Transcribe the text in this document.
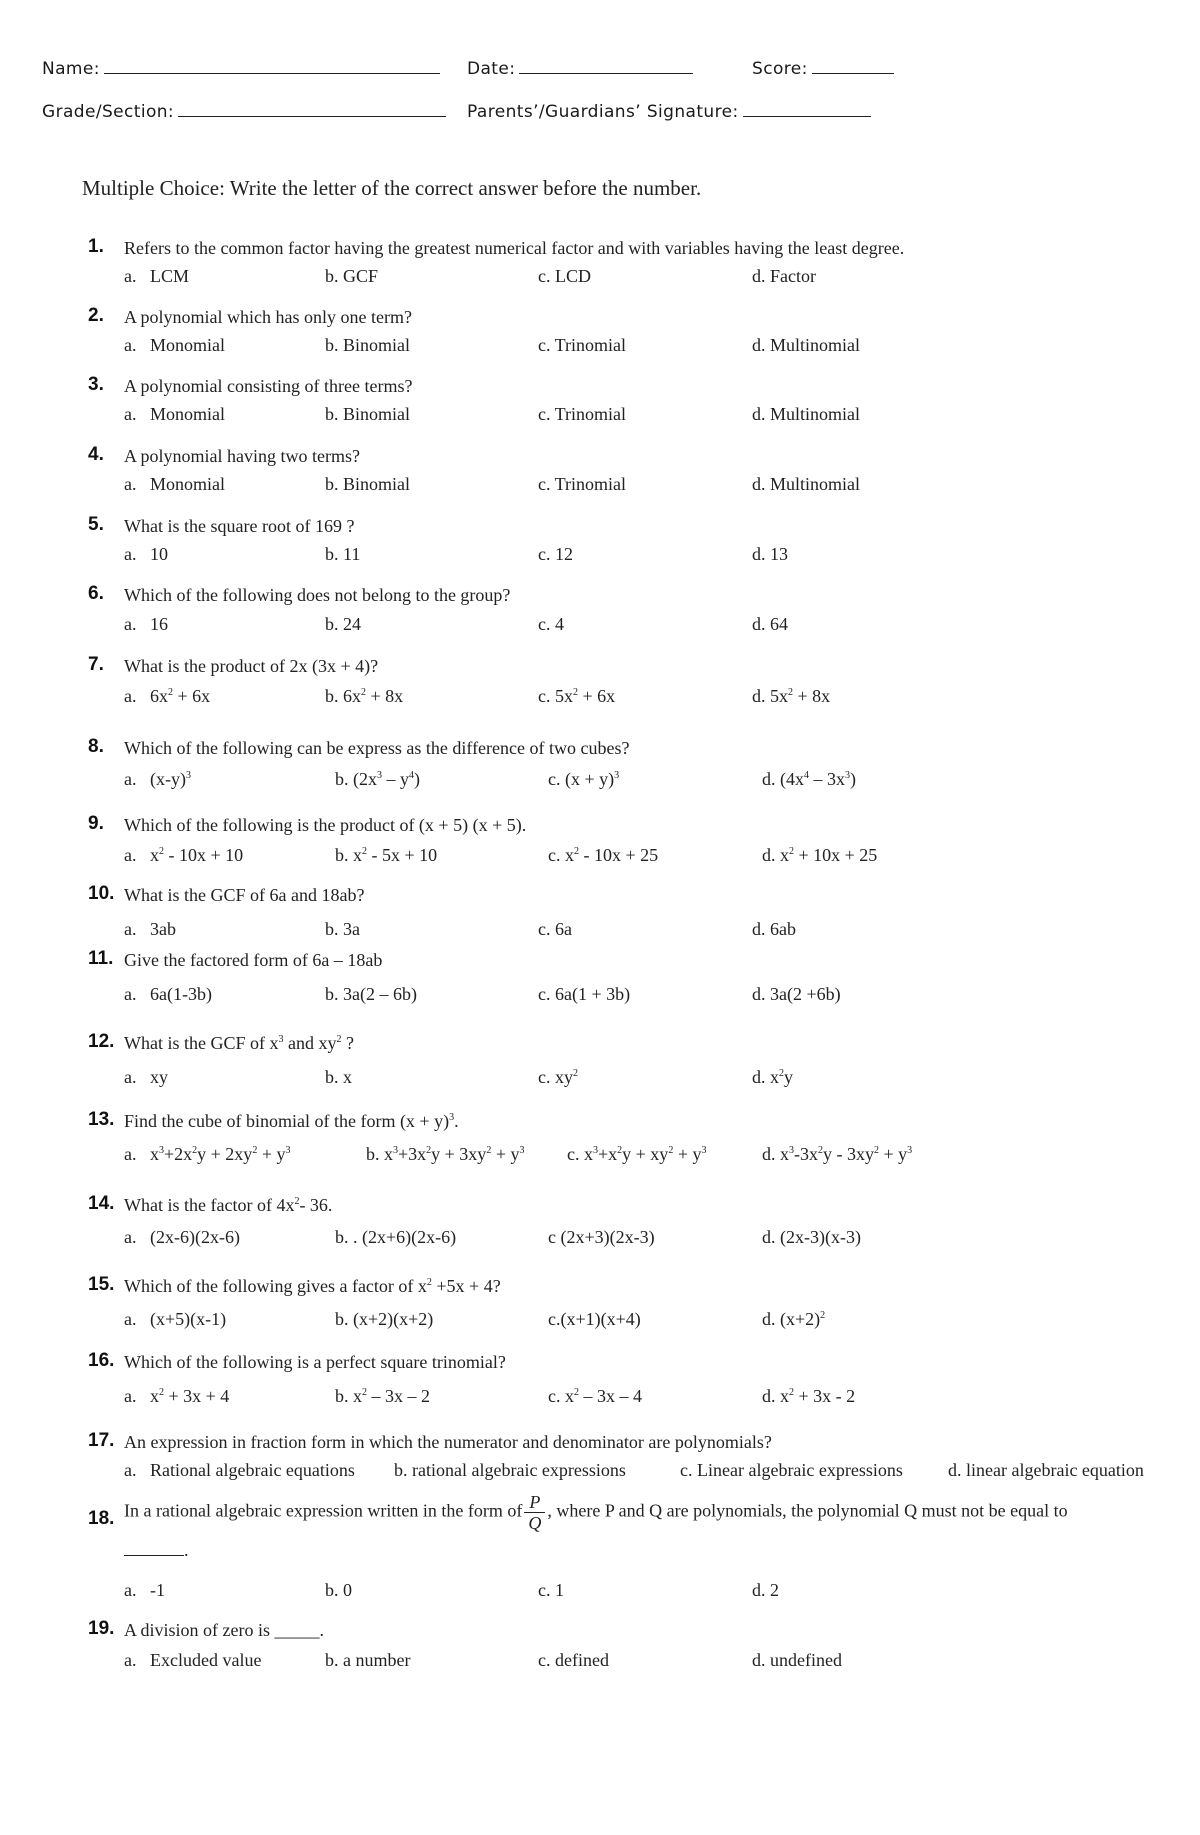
Name:	Date:	Score:
Grade/Section:	Parents’/Guardians’ Signature:
Multiple Choice: Write the letter of the correct answer before the number.
1. Refers to the common factor having the greatest numerical factor and with variables having the least degree.
a.   LCM	b. GCF	c. LCD	d. Factor
2. A polynomial which has only one term?
a.   Monomial	b. Binomial	c. Trinomial	d. Multinomial
3. A polynomial consisting of three terms?
a.   Monomial	b. Binomial	c. Trinomial	d. Multinomial
4. A polynomial having two terms?
a.   Monomial	b. Binomial	c. Trinomial	d. Multinomial
5. What is the square root of 169 ?
a.   10	b. 11	c. 12	d. 13
6. Which of the following does not belong to the group?
a.   16	b. 24	c. 4	d. 64
7. What is the product of 2x (3x + 4)?
a.   $6x^2 + 6x$	b. $6x^2 + 8x$	c. $5x^2 + 6x$	d. $5x^2 + 8x$
8. Which of the following can be express as the difference of two cubes?
a.   $(x-y)^3$	b. $(2x^3 - y^4)$	c. $(x + y)^3$	d. $(4x^4 - 3x^3)$
9. Which of the following is the product of (x + 5) (x + 5).
a.   $x^2 - 10x + 10$	b. $x^2 - 5x + 10$	c. $x^2 - 10x + 25$	d. $x^2 + 10x + 25$
10. What is the GCF of 6a and 18ab?
a.   3ab	b. 3a	c. 6a	d. 6ab
11. Give the factored form of 6a – 18ab
a.   6a(1-3b)	b. 3a(2 – 6b)	c. 6a(1 + 3b)	d. 3a(2 +6b)
12. What is the GCF of $x^3$ and $xy^2$ ?
a.   xy	b. x	c. $xy^2$	d. $x^2y$
13. Find the cube of binomial of the form $(x + y)^3$.
a.   $x^3+2x^2y + 2xy^2 + y^3$	b. $x^3+3x^2y + 3xy^2 + y^3$ c. $x^3+x^2y + xy^2 + y^3$	d. $x^3-3x^2y - 3xy^2 + y^3$
14. What is the factor of $4x^2-$ 36.
a.   (2x-6)(2x-6)	b. . (2x+6)(2x-6)	c (2x+3)(2x-3)	d. (2x-3)(x-3)
15. Which of the following gives a factor of $x^2 +5x + 4$?
a.   (x+5)(x-1)	b. (x+2)(x+2)	c.(x+1)(x+4)	d. $(x+2)^2$
16. Which of the following is a perfect square trinomial?
a.   $x^2 + 3x + 4$	b. $x^2 - 3x - 2$	c. $x^2 - 3x - 4$	d. $x^2 + 3x - 2$
17. An expression in fraction form in which the numerator and denominator are polynomials?
a.   Rational algebraic equations b. rational algebraic expressions	c. Linear algebraic expressions	d. linear algebraic equation
18.
.
In a rational algebraic expression written in the form of $\frac{P}{Q}$ , where P and Q are polynomials, the polynomial Q must not be equal to
a.   -1	b. 0	c. 1	d. 2
19. A division of zero is _____.
a.   Excluded value	b. a number	c. defined	d. undefined
